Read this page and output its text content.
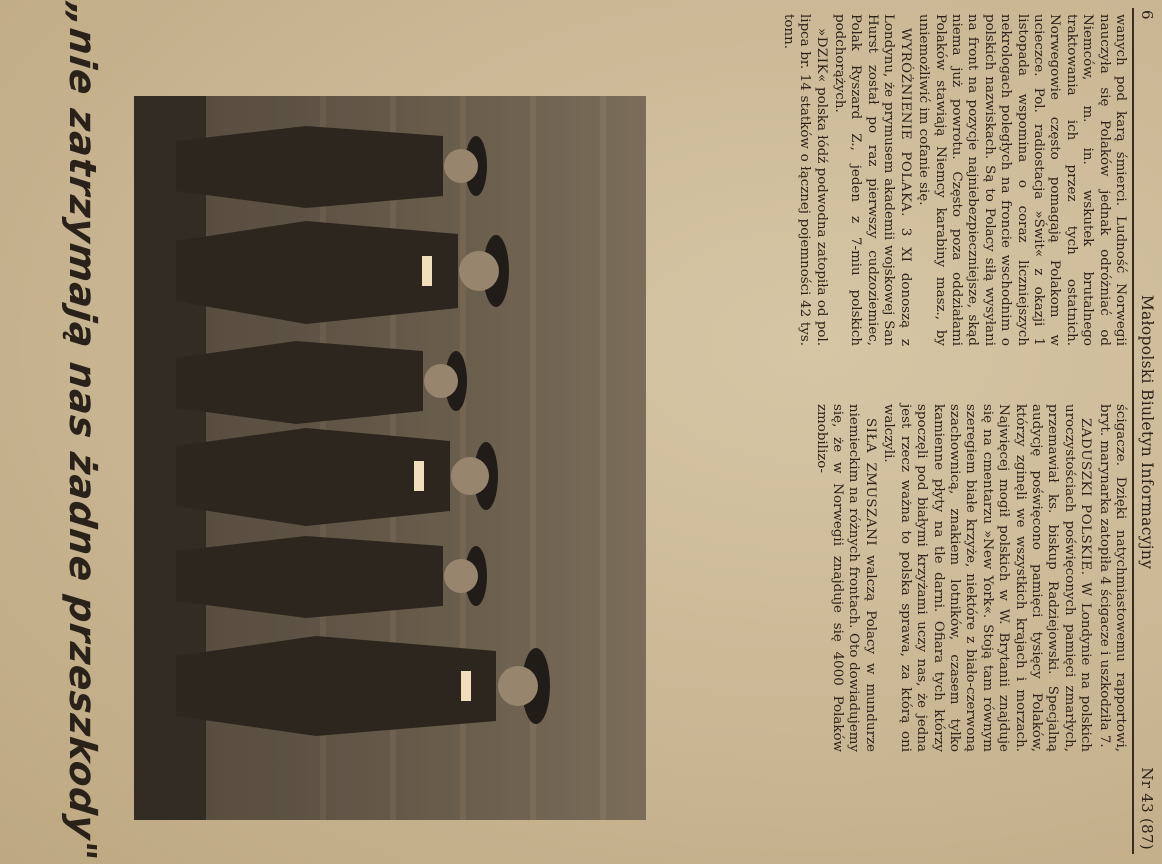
6
Małopolski Biuletyn Informacyjny
Nr 43 (87)

wanych pod karą śmierci. Ludność Norwegii nauczyła się Polaków jednak odróżniać od Niemców, m. in. wskutek brutalnego traktowania ich przez tych ostatnich. Norwegowie często pomagają Polakom w ucieczce. Pol. radiostacja »Świt« z okazji 1 listopada wspomina o coraz liczniejszych nekrologach poległych na froncie wschodnim o polskich nazwiskach. Są to Polacy siłą wysyłani na front na pozycje najniebezpieczniejsze, skąd niema już powrotu. Często poza oddziałami Polaków stawiają Niemcy karabiny masz., by uniemożliwić im cofanie się.

WYRÓŻNIENIE POLAKA. 3 XI donoszą z Londynu, że prymusem akademii wojskowej San Hurst został po raz pierwszy cudzoziemiec, Polak Ryszard Z., jeden z 7-miu polskich podchorążych.

»DZIK« polska łódź podwodna zatopiła od pol. lipca br. 14 statków o łącznej pojemności 42 tys. tonn.

ścigacze. Dzięki natychmiastowemu rapportowi, bryt. marynarka zatopiła 4 ścigacze i uszkodziła 7.

ZADUSZKI POLSKIE. W Londynie na polskich uroczystościach poświęconych pamięci zmarłych, przemawiał ks. biskup Radziejowski. Specjalną audycję poświęcono pamięci tysięcy Polaków, którzy zginęli we wszystkich krajach i morzach. Najwięcej mogił polskich w W. Brytanii znajduje się na cmentarzu »New York«. Stoją tam równym szeregiem białe krzyże, niektóre z biało-czerwoną szachownicą, znakiem lotników, czasem tylko kamienne płyty na tle darni. Ofiara tych którzy spoczęli pod białymi krzyżami uczy nas, że jedna jest rzecz ważna to polska sprawa, za którą oni walczyli.

SIŁA ZMUSZANI walczą Polacy w mundurze niemieckim na różnych frontach. Oto dowiadujemy się, że w Norwegii znajduje się 4000 Polaków zmobilizo-

„nie zatrzymają nas żadne przeszkody"
